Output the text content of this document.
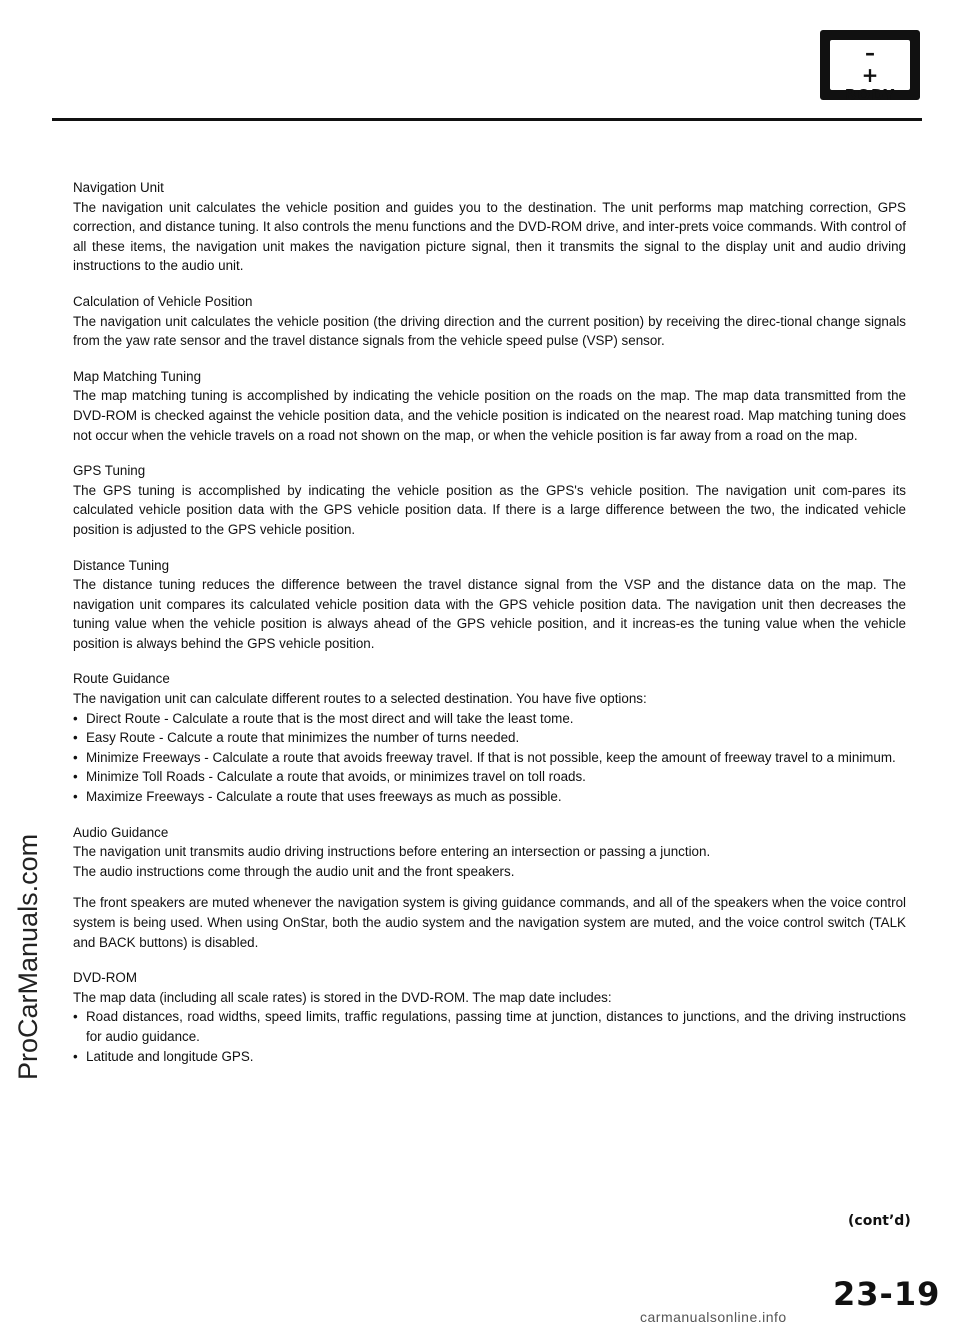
–+
BODY
ProCarManuals.com

Navigation Unit

The navigation unit calculates the vehicle position and guides you to the destination. The unit performs map matching correction, GPS correction, and distance tuning. It also controls the menu functions and the DVD-ROM drive, and inter-prets voice commands. With control of all these items, the navigation unit makes the navigation picture signal, then it transmits the signal to the display unit and audio driving instructions to the audio unit.

Calculation of Vehicle Position

The navigation unit calculates the vehicle position (the driving direction and the current position) by receiving the direc-tional change signals from the yaw rate sensor and the travel distance signals from the vehicle speed pulse (VSP) sensor.

Map Matching Tuning

The map matching tuning is accomplished by indicating the vehicle position on the roads on the map. The map data transmitted from the DVD-ROM is checked against the vehicle position data, and the vehicle position is indicated on the nearest road. Map matching tuning does not occur when the vehicle travels on a road not shown on the map, or when the vehicle position is far away from a road on the map.

GPS Tuning

The GPS tuning is accomplished by indicating the vehicle position as the GPS's vehicle position. The navigation unit com-pares its calculated vehicle position data with the GPS vehicle position data. If there is a large difference between the two, the indicated vehicle position is adjusted to the GPS vehicle position.

Distance Tuning

The distance tuning reduces the difference between the travel distance signal from the VSP and the distance data on the map. The navigation unit compares its calculated vehicle position data with the GPS vehicle position data. The navigation unit then decreases the tuning value when the vehicle position is always ahead of the GPS vehicle position, and it increas-es the tuning value when the vehicle position is always behind the GPS vehicle position.

Route Guidance

The navigation unit can calculate different routes to a selected destination. You have five options:

• Direct Route - Calculate a route that is the most direct and will take the least tome.
• Easy Route - Calcute a route that minimizes the number of turns needed.
• Minimize Freeways - Calculate a route that avoids freeway travel. If that is not possible, keep the amount of freeway travel to a minimum.
• Minimize Toll Roads - Calculate a route that avoids, or minimizes travel on toll roads.
• Maximize Freeways - Calculate a route that uses freeways as much as possible.

Audio Guidance

The navigation unit transmits audio driving instructions before entering an intersection or passing a junction.

The audio instructions come through the audio unit and the front speakers.

The front speakers are muted whenever the navigation system is giving guidance commands, and all of the speakers when the voice control system is being used. When using OnStar, both the audio system and the navigation system are muted, and the voice control switch (TALK and BACK buttons) is disabled.

DVD-ROM

The map data (including all scale rates) is stored in the DVD-ROM. The map date includes:

• Road distances, road widths, speed limits, traffic regulations, passing time at junction, distances to junctions, and the driving instructions for audio guidance.
• Latitude and longitude GPS.
(cont’d)
23-19
carmanualsonline.info
